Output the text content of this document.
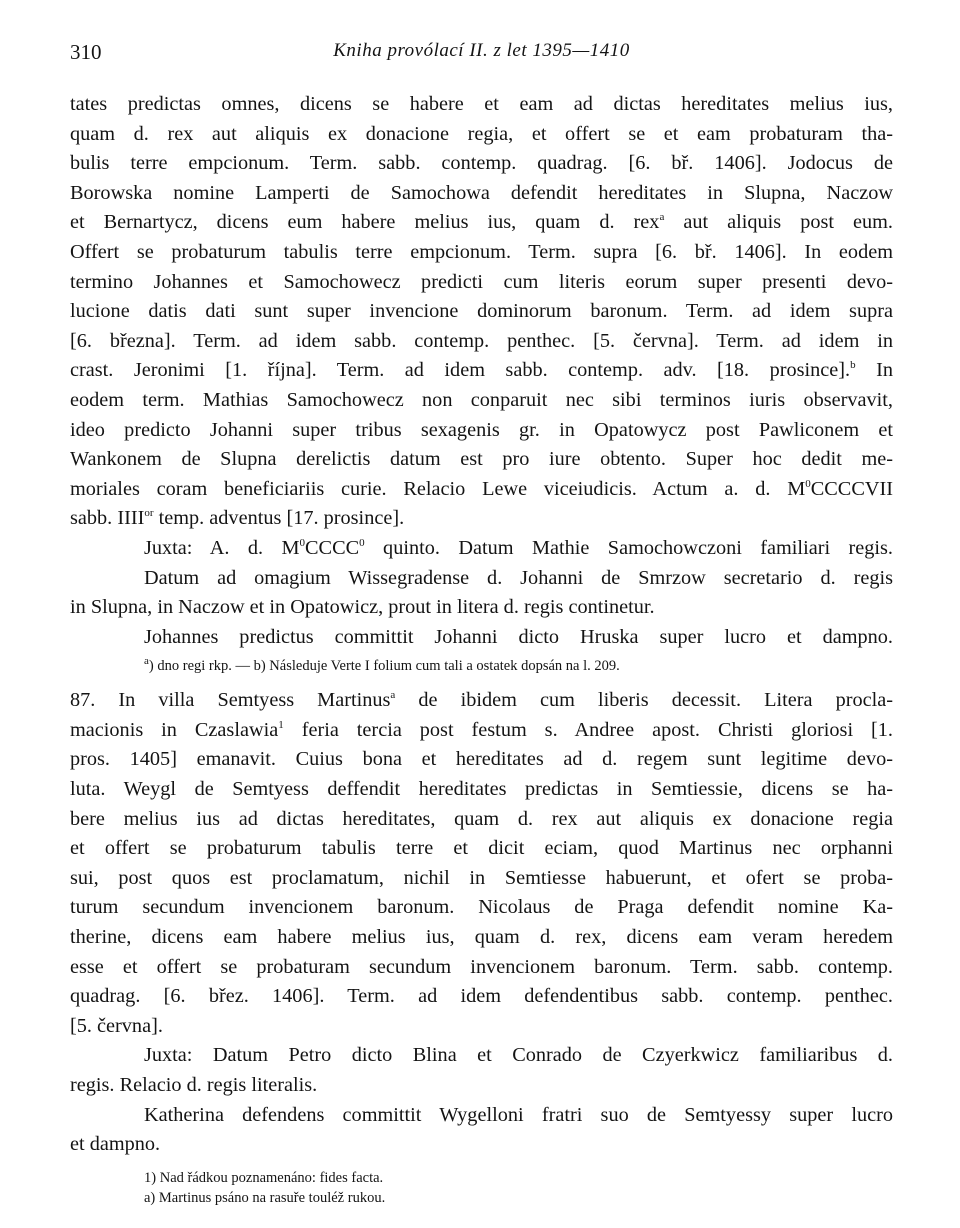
310	Kniha provólací II. z let 1395—1410
tates predictas omnes, dicens se habere et eam ad dictas hereditates melius ius,
quam d. rex aut aliquis ex donacione regia, et offert se et eam probaturam tha-
bulis terre empcionum. Term. sabb. contemp. quadrag. [6. bř. 1406]. Jodocus de
Borowska nomine Lamperti de Samochowa defendit hereditates in Slupna, Naczow
et Bernartycz, dicens eum habere melius ius, quam d. rex$^a$ aut aliquis post eum.
Offert se probaturum tabulis terre empcionum. Term. supra [6. bř. 1406]. In eodem
termino Johannes et Samochowecz predicti cum literis eorum super presenti devo-
lucione datis dati sunt super invencione dominorum baronum. Term. ad idem supra
[6. března]. Term. ad idem sabb. contemp. penthec. [5. června]. Term. ad idem in
crast. Jeronimi [1. října]. Term. ad idem sabb. contemp. adv. [18. prosince].$^b$ In
eodem term. Mathias Samochowecz non conparuit nec sibi terminos iuris observavit,
ideo predicto Johanni super tribus sexagenis gr. in Opatowycz post Pawliconem et
Wankonem de Slupna derelictis datum est pro iure obtento. Super hoc dedit me-
moriales coram beneficiariis curie. Relacio Lewe viceiudicis. Actum a. d. $M^0CCCCVII$
sabb. $IIII^{or}$ temp. adventus [17. prosince].
Juxta: A. d. $M^0CCCC^0$ quinto. Datum Mathie Samochowczoni familiari regis.
Datum ad omagium Wissegradense d. Johanni de Smrzow secretario d. regis
in Slupna, in Naczow et in Opatowicz, prout in litera d. regis continetur.
Johannes predictus committit Johanni dicto Hruska super lucro et dampno.
$^a$) dno regi rkp. — b) Následuje Verte I folium cum tali a ostatek dopsán na l. 209.
87. In villa Semtyess Martinus$^a$ de ibidem cum liberis decessit. Litera procla-
macionis in Czaslawia$^1$ feria tercia post festum s. Andree apost. Christi gloriosi [1.
pros. 1405] emanavit. Cuius bona et hereditates ad d. regem sunt legitime devo-
luta. Weygl de Semtyess deffendit hereditates predictas in Semtiessie, dicens se ha-
bere melius ius ad dictas hereditates, quam d. rex aut aliquis ex donacione regia
et offert se probaturum tabulis terre et dicit eciam, quod Martinus nec orphanni
sui, post quos est proclamatum, nichil in Semtiesse habuerunt, et ofert se proba-
turum secundum invencionem baronum. Nicolaus de Praga defendit nomine Ka-
therine, dicens eam habere melius ius, quam d. rex, dicens eam veram heredem
esse et offert se probaturam secundum invencionem baronum. Term. sabb. contemp.
quadrag. [6. břez. 1406]. Term. ad idem defendentibus sabb. contemp. penthec.
[5. června].
Juxta: Datum Petro dicto Blina et Conrado de Czyerkwicz familiaribus d.
regis. Relacio d. regis literalis.
Katherina defendens committit Wygelloni fratri suo de Semtyessy super lucro
et dampno.
1) Nad řádkou poznamenáno: fides facta.
a) Martinus psáno na rasuře touléž rukou.
